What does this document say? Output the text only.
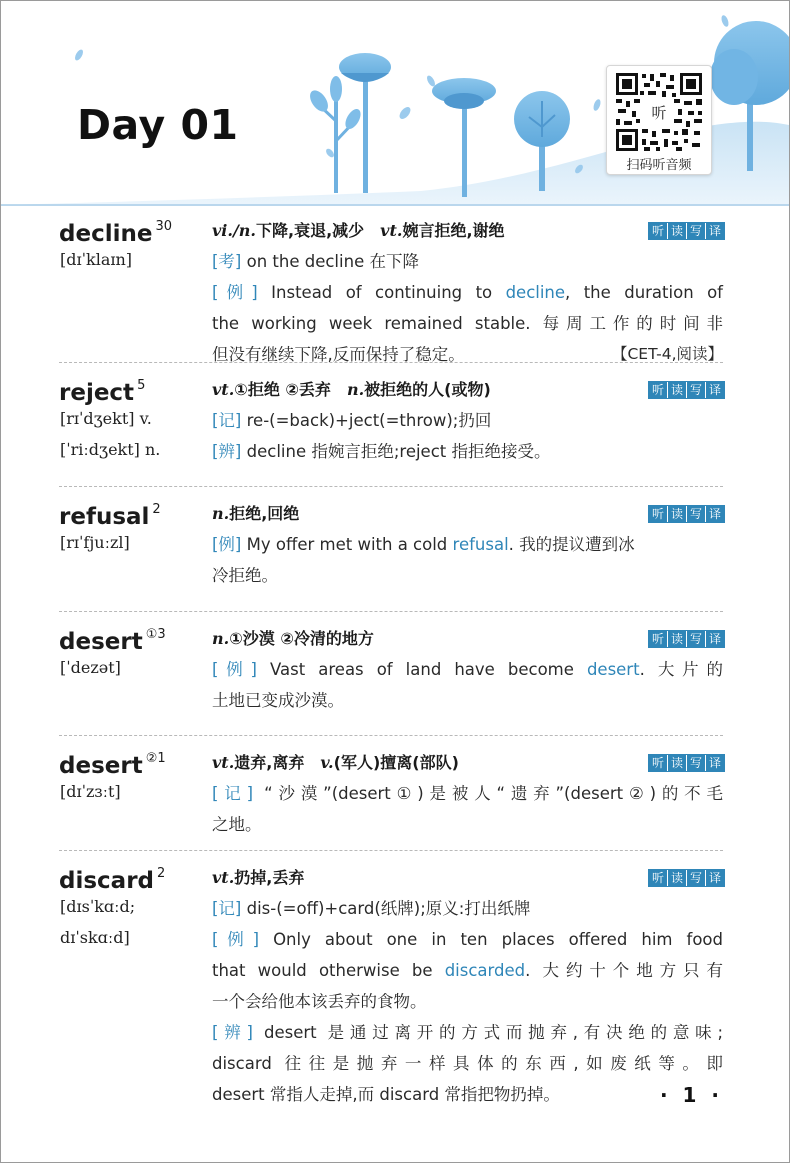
Day 01	听
扫码听音频
decline $^{30}$
[dɪˈklaɪn]
vi./n.下降,衰退,减少　vt.婉言拒绝,谢绝	听 读 写 译
[考] on the decline 在下降
[例] Instead of continuing to decline, the duration of
the working week remained stable. 每周工作的时间非
但没有继续下降,反而保持了稳定。	【CET-4,阅读】
reject $^5$
[rɪˈdʒekt] v.
[ˈriːdʒekt] n.
vt.①拒绝 ②丢弃　n.被拒绝的人(或物)	听 读 写 译
[记] re-(=back)+ject(=throw);扔回
[辨] decline 指婉言拒绝;reject 指拒绝接受。
refusal $^2$
[rɪˈfjuːzl]
n.拒绝,回绝	听 读 写 译
[例] My offer met with a cold refusal. 我的提议遭到冰
冷拒绝。
desert $^{①3}$
[ˈdezət]
n.①沙漠 ②冷清的地方	听 读 写 译
[例] Vast areas of land have become desert. 大片的
土地已变成沙漠。
desert $^{②1}$
[dɪˈzɜːt]
vt.遗弃,离弃　v.(军人)擅离(部队)	听 读 写 译
[记] “沙漠”(desert①)是被人“遗弃”(desert②)的不毛
之地。
discard $^2$
[dɪsˈkɑːd;
dɪˈskɑːd]
vt.扔掉,丢弃	听 读 写 译
[记] dis-(=off)+card(纸牌);原义:打出纸牌
[例] Only about one in ten places offered him food
that would otherwise be discarded. 大约十个地方只有
一个会给他本该丢弃的食物。
[辨] desert 是通过离开的方式而抛弃,有决绝的意味;
discard 往往是抛弃一样具体的东西,如废纸等。即
desert 常指人走掉,而 discard 常指把物扔掉。	· 1 ·
